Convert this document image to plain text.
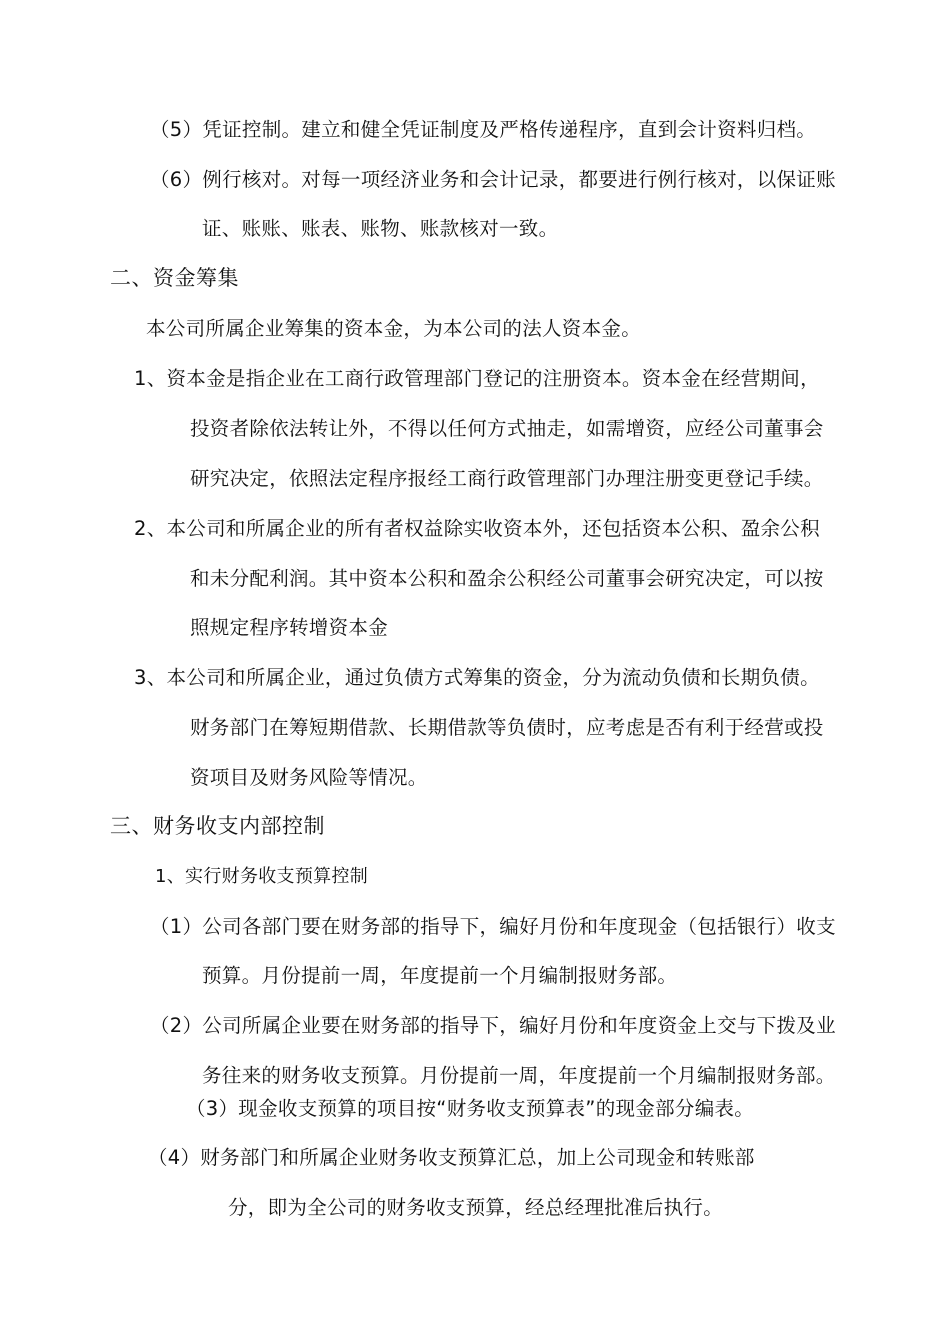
（5）凭证控制。建立和健全凭证制度及严格传递程序，直到会计资料归档。
（6）例行核对。对每一项经济业务和会计记录，都要进行例行核对，以保证账
证、账账、账表、账物、账款核对一致。
二、资金筹集
本公司所属企业筹集的资本金，为本公司的法人资本金。
1、资本金是指企业在工商行政管理部门登记的注册资本。资本金在经营期间，
投资者除依法转让外，不得以任何方式抽走，如需增资，应经公司董事会
研究决定，依照法定程序报经工商行政管理部门办理注册变更登记手续。
2、本公司和所属企业的所有者权益除实收资本外，还包括资本公积、盈余公积
和未分配利润。其中资本公积和盈余公积经公司董事会研究决定，可以按
照规定程序转增资本金
3、本公司和所属企业，通过负债方式筹集的资金，分为流动负债和长期负债。
财务部门在筹短期借款、长期借款等负债时，应考虑是否有利于经营或投
资项目及财务风险等情况。
三、财务收支内部控制
1、实行财务收支预算控制
（1）公司各部门要在财务部的指导下，编好月份和年度现金（包括银行）收支
预算。月份提前一周，年度提前一个月编制报财务部。
（2）公司所属企业要在财务部的指导下，编好月份和年度资金上交与下拨及业
务往来的财务收支预算。月份提前一周，年度提前一个月编制报财务部。
（3）现金收支预算的项目按“财务收支预算表”的现金部分编表。
（4）财务部门和所属企业财务收支预算汇总，加上公司现金和转账部
分，即为全公司的财务收支预算，经总经理批准后执行。
